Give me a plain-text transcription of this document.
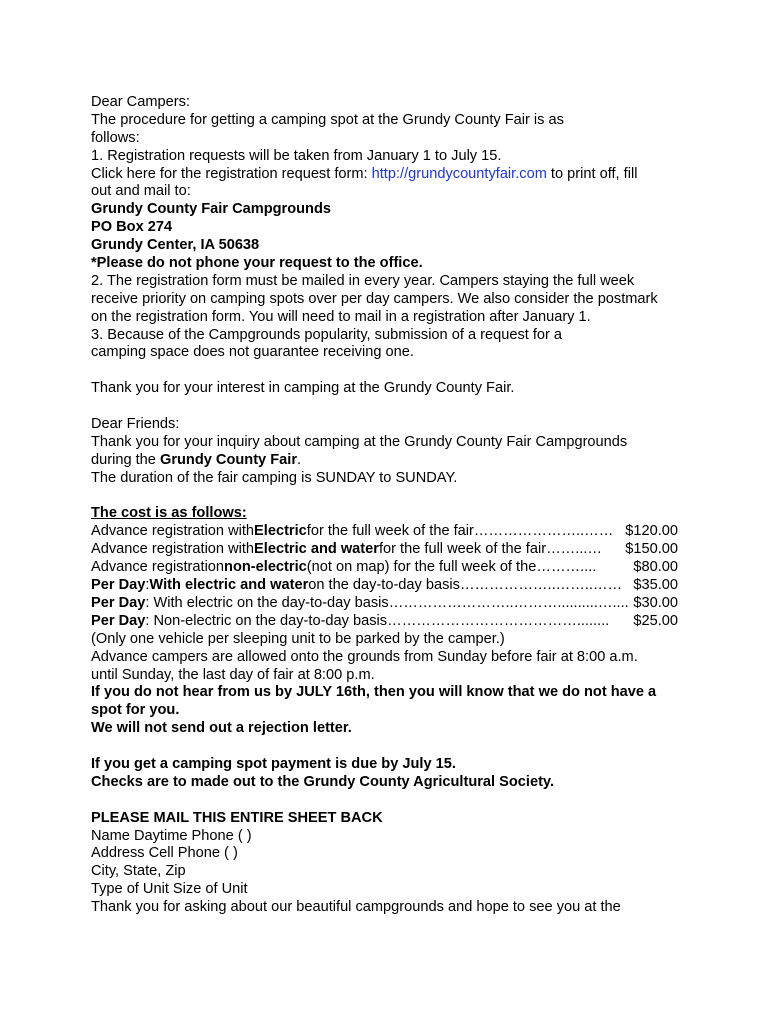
Dear Campers:
The procedure for getting a camping spot at the Grundy County Fair is as
follows:
1. Registration requests will be taken from January 1 to July 15.
Click here for the registration request form: http://grundycountyfair.com to print off, fill
out and mail to:
Grundy County Fair Campgrounds
PO Box 274
Grundy Center, IA 50638
*Please do not phone your request to the office.
2. The registration form must be mailed in every year. Campers staying the full week
receive priority on camping spots over per day campers. We also consider the postmark
on the registration form. You will need to mail in a registration after January 1.
3. Because of the Campgrounds popularity, submission of a request for a
camping space does not guarantee receiving one.
Thank you for your interest in camping at the Grundy County Fair.
Dear Friends:
Thank you for your inquiry about camping at the Grundy County Fair Campgrounds
during the Grundy County Fair.
The duration of the fair camping is SUNDAY to SUNDAY.
The cost is as follows:
Advance registration with Electric for the full week of the fair …………………..…… $120.00
Advance registration with Electric and water for the full week of the fair ……...…	$150.00
Advance registration non-electric (not on map) for the full week of the ………....	$80.00
Per Day : With electric and water on the day-to-day basis ………………..……..…… $35.00
Per Day : With electric on the day-to-day basis ……………………..………..........….... $30.00
Per Day : Non-electric on the day-to-day basis …………………………………........	$25.00
(Only one vehicle per sleeping unit to be parked by the camper.)
Advance campers are allowed onto the grounds from Sunday before fair at 8:00 a.m.
until Sunday, the last day of fair at 8:00 p.m.
If you do not hear from us by JULY 16th, then you will know that we do not have a
spot for you.
We will not send out a rejection letter.
If you get a camping spot payment is due by July 15.
Checks are to made out to the Grundy County Agricultural Society.
PLEASE MAIL THIS ENTIRE SHEET BACK
Name Daytime Phone ( )
Address Cell Phone ( )
City, State, Zip
Type of Unit Size of Unit
Thank you for asking about our beautiful campgrounds and hope to see you at the
